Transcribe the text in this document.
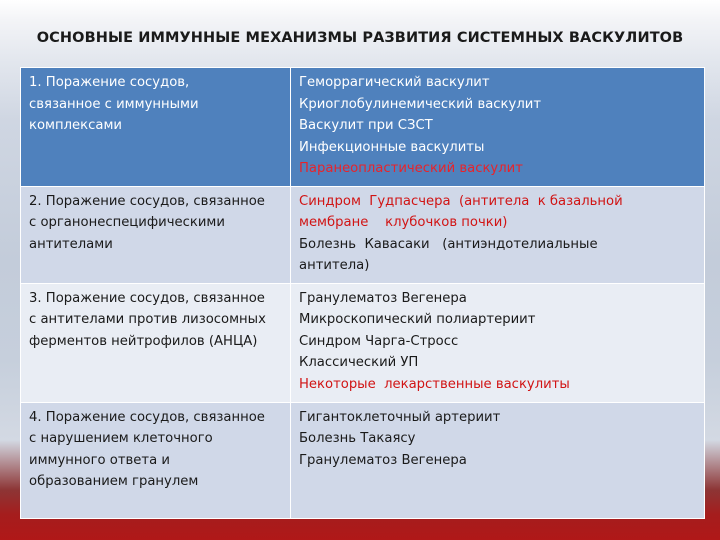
ОСНОВНЫЕ ИММУННЫЕ МЕХАНИЗМЫ РАЗВИТИЯ СИСТЕМНЫХ ВАСКУЛИТОВ
1. Поражение сосудов,
связанное с иммунными
комплексами	Геморрагический васкулит
Криоглобулинемический васкулит
Васкулит при СЗСТ
Инфекционные васкулиты
Паранеопластический васкулит

2. Поражение сосудов, связанное
с органонеспецифическими
антителами	Синдром  Гудпасчера  (антитела  к базальной
мембране    клубочков почки)
Болезнь  Кавасаки   (антиэндотелиальные
антитела)

3. Поражение сосудов, связанное
с антителами против лизосомных
ферментов нейтрофилов (АНЦА)	Гранулематоз Вегенера
Микроскопический полиартериит
Синдром Чарга-Стросс
Классический УП
Некоторые  лекарственные васкулиты

4. Поражение сосудов, связанное
с нарушением клеточного
иммунного ответа и
образованием гранулем	Гигантоклеточный артериит
Болезнь Такаясу
Гранулематоз Вегенера
